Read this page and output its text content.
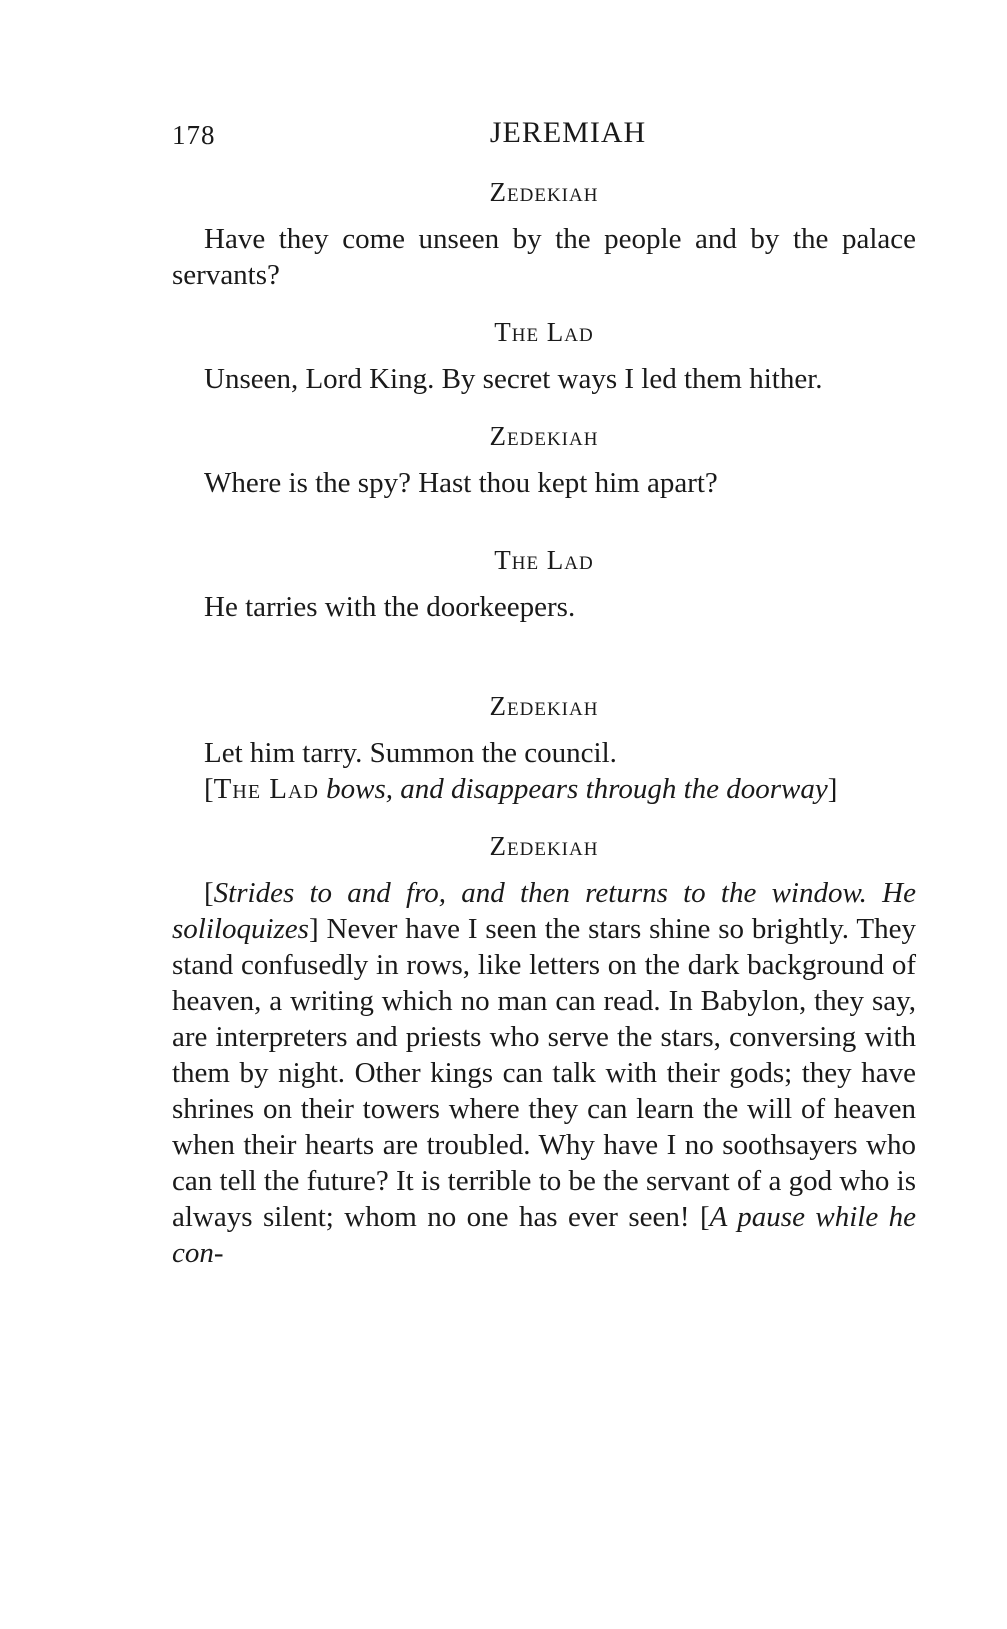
178	JEREMIAH
Zedekiah

Have they come unseen by the people and by the palace servants?

The Lad

Unseen, Lord King. By secret ways I led them hither.

Zedekiah

Where is the spy? Hast thou kept him apart?

The Lad

He tarries with the doorkeepers.

Zedekiah

Let him tarry. Summon the council.

[The Lad bows, and disappears through the doorway]

Zedekiah

[Strides to and fro, and then returns to the window. He soliloquizes] Never have I seen the stars shine so brightly. They stand confusedly in rows, like letters on the dark background of heaven, a writing which no man can read. In Babylon, they say, are interpreters and priests who serve the stars, conversing with them by night. Other kings can talk with their gods; they have shrines on their towers where they can learn the will of heaven when their hearts are troubled. Why have I no soothsayers who can tell the future? It is terrible to be the servant of a god who is always silent; whom no one has ever seen! [A pause while he con-
